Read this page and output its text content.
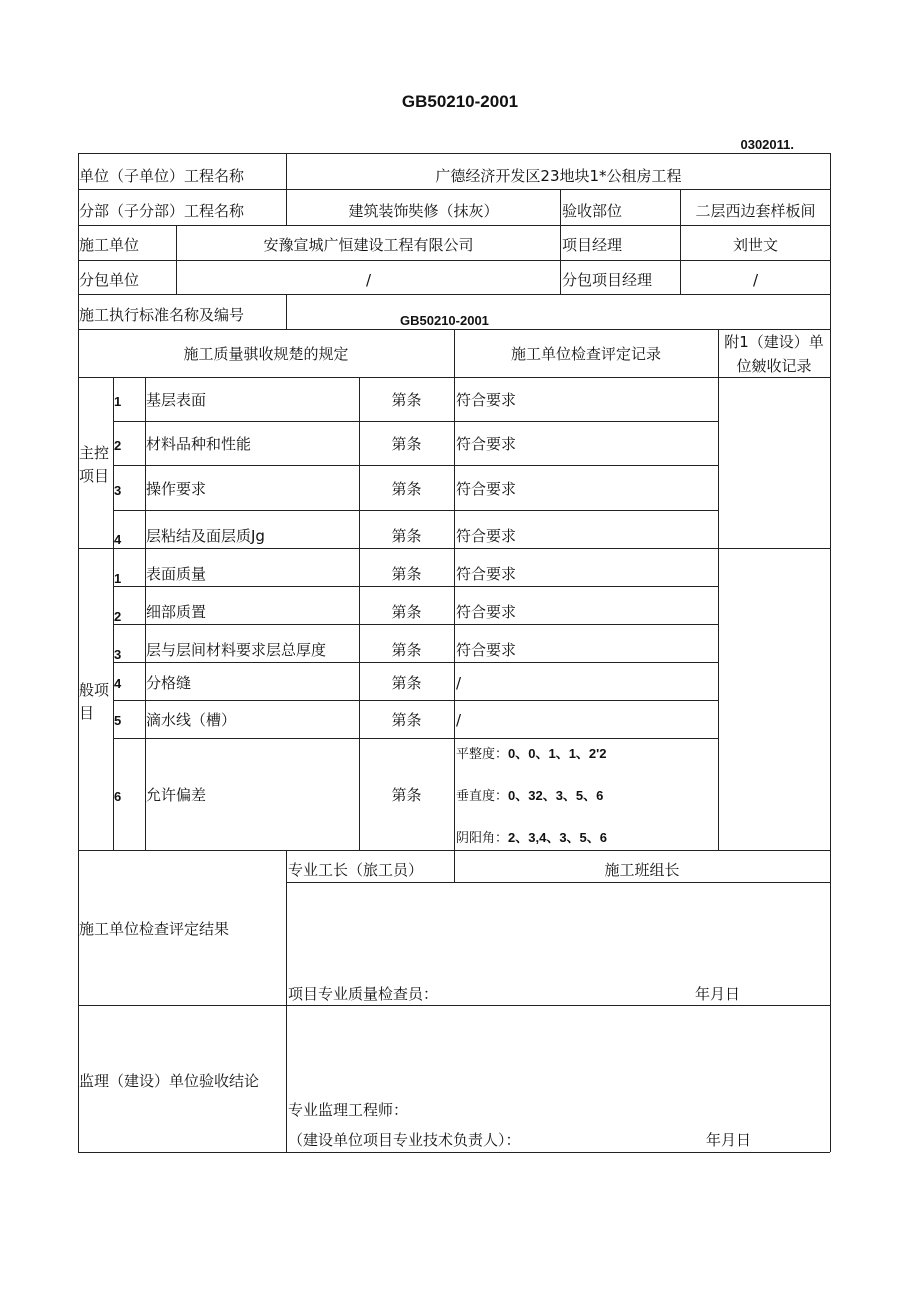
GB50210-2001
0302011.
单位（子单位）工程名称	广德经济开发区23地块1*公租房工程
分部（子分部）工程名称	建筑装饰奘修（抹灰）	验收部位	二层西边套样板间
施工单位	安豫宣城广恒建设工程有限公司	项目经理	刘世文
分包单位	/	分包项目经理	/
施工执行标准名称及编号	GB50210-2001
施工质量骐收规楚的规定	施工单位检查评定记录
附1（建设）单
位皴收记录
主控
项目
1 基层表面	第条	符合要求
2 材料品种和性能	第条	符合要求
3 操作要求	第条	符合要求
4 层粘结及面层质Jg	第条	符合要求
般项
目
1 表面质量	第条	符合要求
2 细部质置	第条	符合要求
3 层与层间材料要求层总厚度	第条	符合要求
4 分格缝	第条	/
5 滴水线（槽）	第条	/
6 允许偏差	第条
平整度：0、0、1、1、2'2
垂直度：0、32、3、5、6
阴阳角：2、3,4、3、5、6
施工单位检查评定结果
专业工长（旅工员）	施工班组长
项目专业质量检查员：	年月日
监理（建设）单位验收结论
专业监理工程师：
（建设单位项目专业技术负责人）：	年月日
